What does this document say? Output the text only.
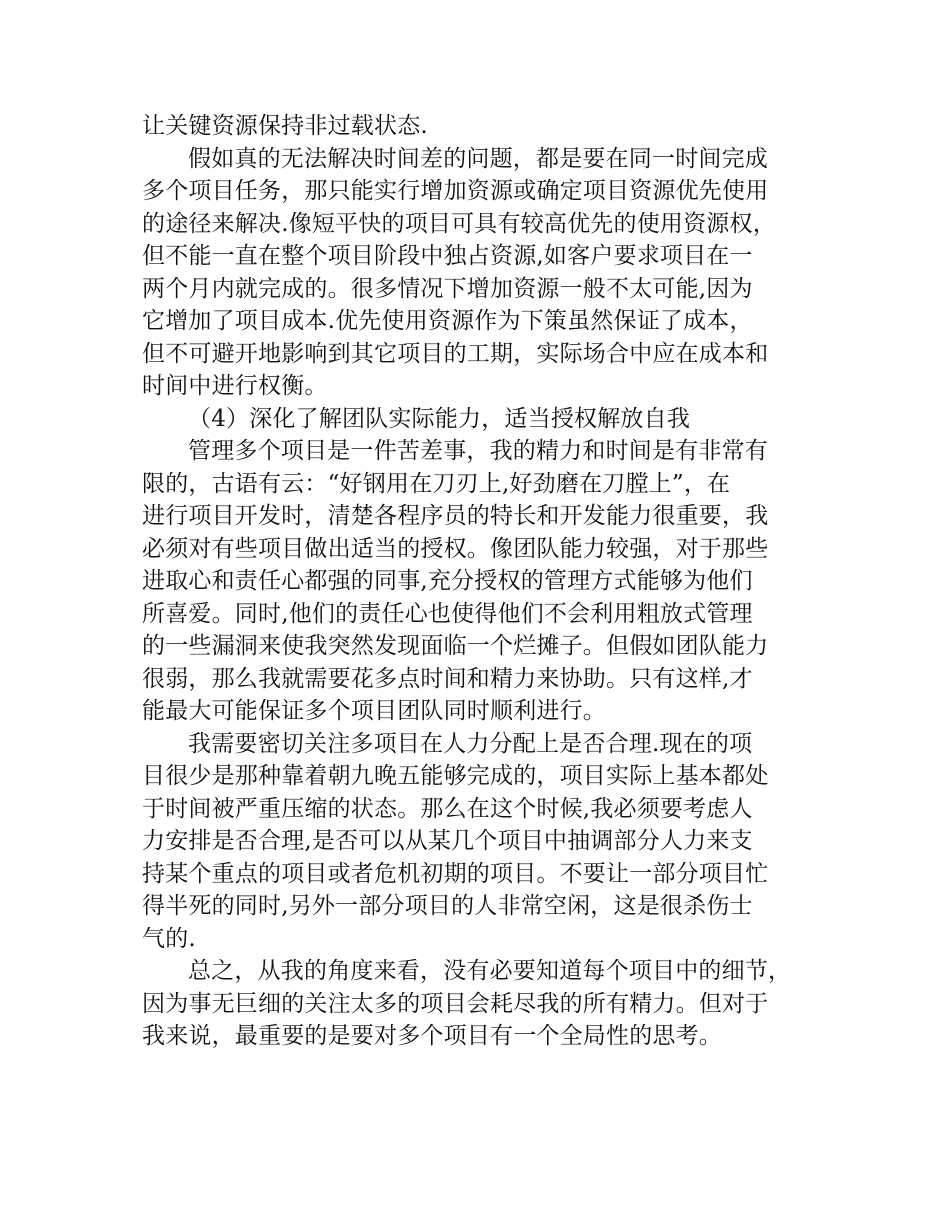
让关键资源保持非过载状态.
假如真的无法解决时间差的问题，都是要在同一时间完成
多个项目任务，那只能实行增加资源或确定项目资源优先使用
的途径来解决.像短平快的项目可具有较高优先的使用资源权，
但不能一直在整个项目阶段中独占资源,如客户要求项目在一
两个月内就完成的。很多情况下增加资源一般不太可能,因为
它增加了项目成本.优先使用资源作为下策虽然保证了成本，
但不可避开地影响到其它项目的工期，实际场合中应在成本和
时间中进行权衡。
（4）深化了解团队实际能力，适当授权解放自我
管理多个项目是一件苦差事，我的精力和时间是有非常有
限的，古语有云：“好钢用在刀刃上,好劲磨在刀膛上”，在
进行项目开发时，清楚各程序员的特长和开发能力很重要，我
必须对有些项目做出适当的授权。像团队能力较强，对于那些
进取心和责任心都强的同事,充分授权的管理方式能够为他们
所喜爱。同时,他们的责任心也使得他们不会利用粗放式管理
的一些漏洞来使我突然发现面临一个烂摊子。但假如团队能力
很弱，那么我就需要花多点时间和精力来协助。只有这样,才
能最大可能保证多个项目团队同时顺利进行。
我需要密切关注多项目在人力分配上是否合理.现在的项
目很少是那种靠着朝九晚五能够完成的，项目实际上基本都处
于时间被严重压缩的状态。那么在这个时候,我必须要考虑人
力安排是否合理,是否可以从某几个项目中抽调部分人力来支
持某个重点的项目或者危机初期的项目。不要让一部分项目忙
得半死的同时,另外一部分项目的人非常空闲，这是很杀伤士
气的.
总之，从我的角度来看，没有必要知道每个项目中的细节，
因为事无巨细的关注太多的项目会耗尽我的所有精力。但对于
我来说，最重要的是要对多个项目有一个全局性的思考。
